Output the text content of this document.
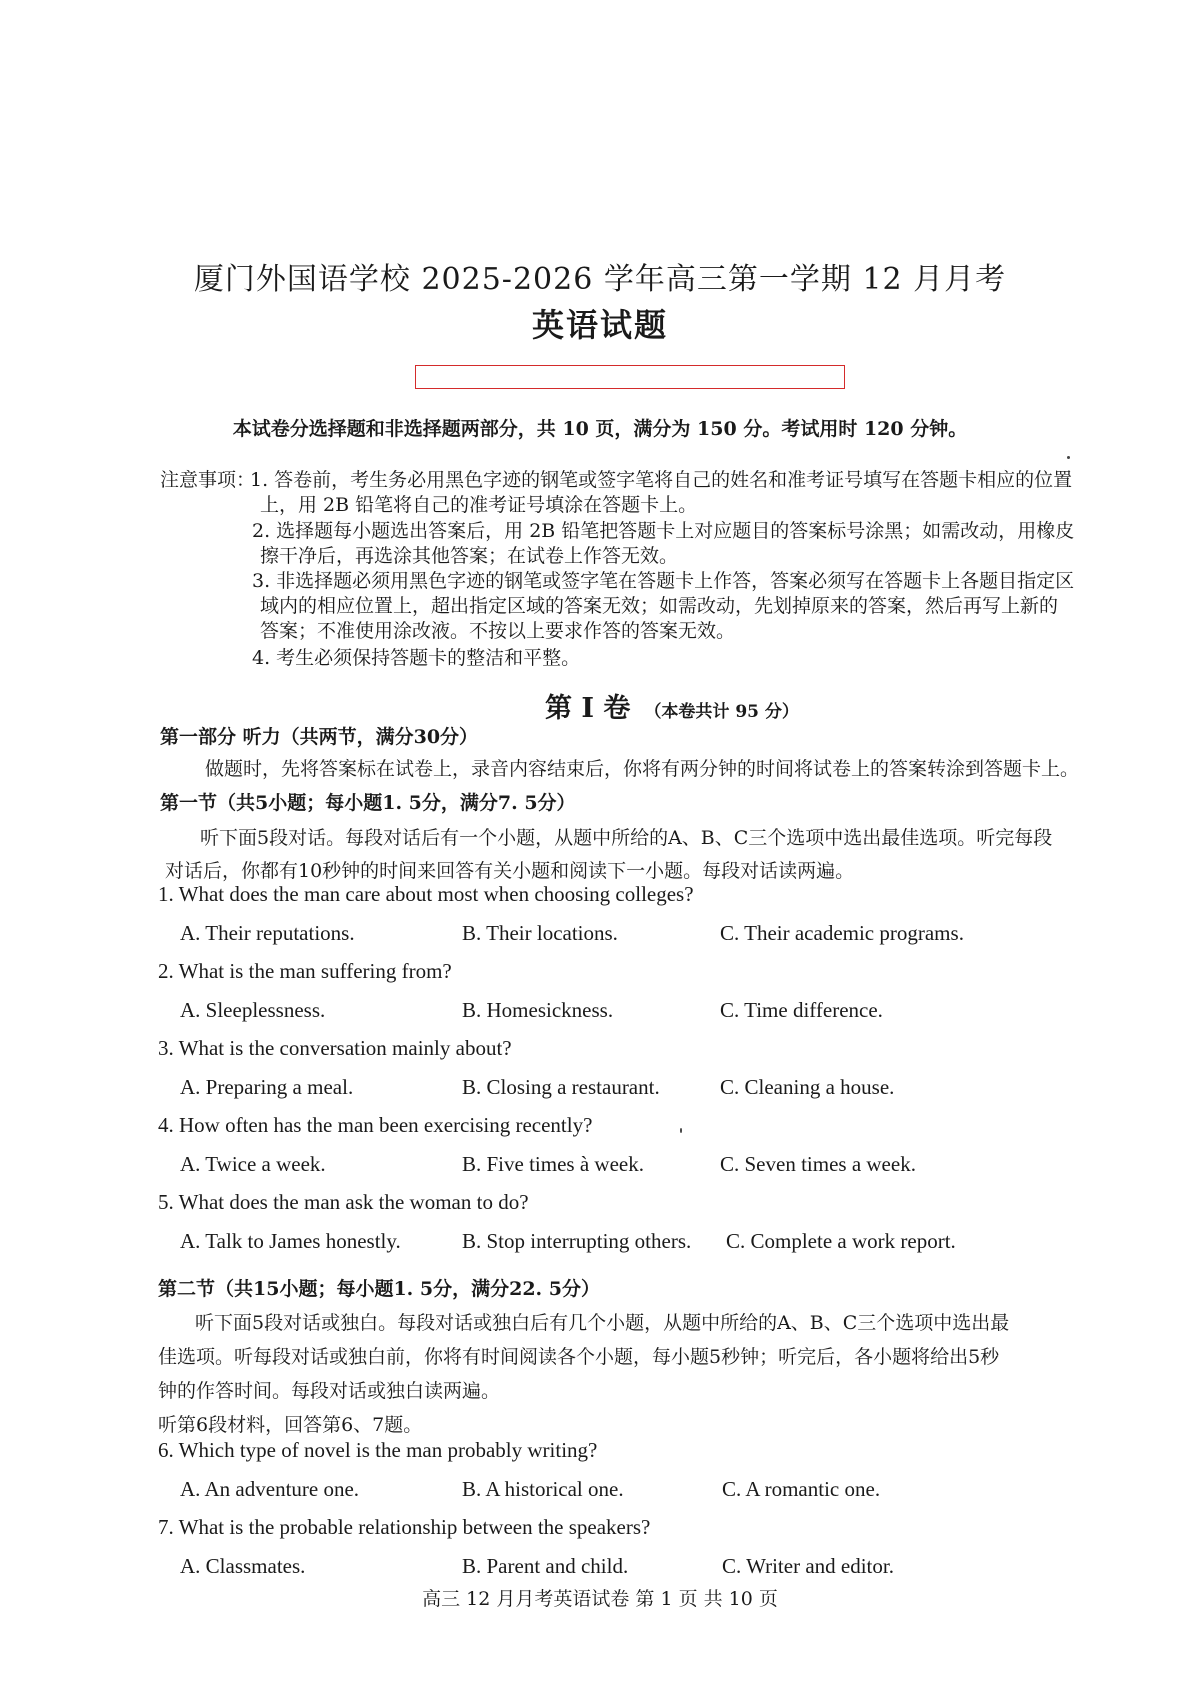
厦门外国语学校 2025-2026 学年高三第一学期 12 月月考
英语试题
本试卷分选择题和非选择题两部分，共 10 页，满分为 150 分。考试用时 120 分钟。
注意事项：
1. 答卷前，考生务必用黑色字迹的钢笔或签字笔将自己的姓名和准考证号填写在答题卡相应的位置
上，用 2B 铅笔将自己的准考证号填涂在答题卡上。
2. 选择题每小题选出答案后，用 2B 铅笔把答题卡上对应题目的答案标号涂黑；如需改动，用橡皮
擦干净后，再选涂其他答案；在试卷上作答无效。
3. 非选择题必须用黑色字迹的钢笔或签字笔在答题卡上作答，答案必须写在答题卡上各题目指定区
域内的相应位置上，超出指定区域的答案无效；如需改动，先划掉原来的答案，然后再写上新的
答案；不准使用涂改液。不按以上要求作答的答案无效。
4. 考生必须保持答题卡的整洁和平整。
第 I 卷 （本卷共计 95 分）
第一部分 听力（共两节，满分30分）
做题时，先将答案标在试卷上，录音内容结束后，你将有两分钟的时间将试卷上的答案转涂到答题卡上。
第一节（共5小题；每小题1. 5分，满分7. 5分）
听下面5段对话。每段对话后有一个小题，从题中所给的A、B、C三个选项中选出最佳选项。听完每段
对话后，你都有10秒钟的时间来回答有关小题和阅读下一小题。每段对话读两遍。
1. What does the man care about most when choosing colleges?
A. Their reputations.	B. Their locations.	C. Their academic programs.
2. What is the man suffering from?
A. Sleeplessness.	B. Homesickness.	C. Time difference.
3. What is the conversation mainly about?
A. Preparing a meal.	B. Closing a restaurant.	C. Cleaning a house.
4. How often has the man been exercising recently?
A. Twice a week.	B. Five times à week.	C. Seven times a week.
5. What does the man ask the woman to do?
A. Talk to James honestly.	B. Stop interrupting others. C. Complete a work report.
第二节（共15小题；每小题1. 5分，满分22. 5分）
听下面5段对话或独白。每段对话或独白后有几个小题，从题中所给的A、B、C三个选项中选出最
佳选项。听每段对话或独白前，你将有时间阅读各个小题，每小题5秒钟；听完后，各小题将给出5秒
钟的作答时间。每段对话或独白读两遍。
听第6段材料，回答第6、7题。
6. Which type of novel is the man probably writing?
A. An adventure one.	B. A historical one.	C. A romantic one.
7. What is the probable relationship between the speakers?
A. Classmates.	B. Parent and child.	C. Writer and editor.
高三 12 月月考英语试卷 第 1 页 共 10 页
